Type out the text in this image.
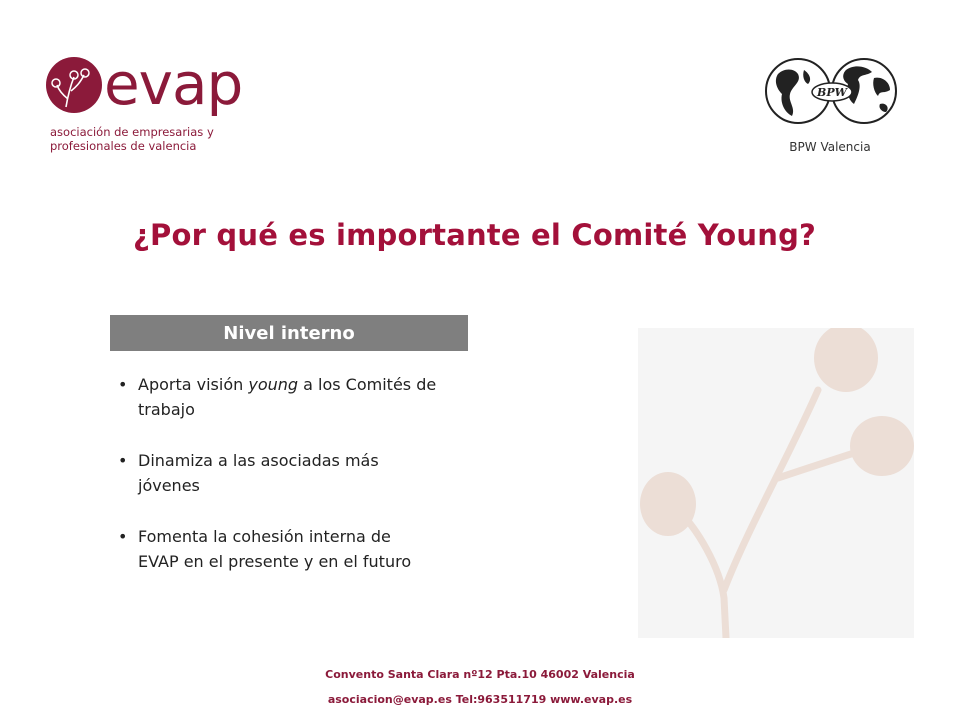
evap
asociación de empresarias y
profesionales de valencia
BPW
BPW Valencia
¿Por qué es importante el Comité Young?
Nivel interno
• Aporta visión young a los Comités de
trabajo
• Dinamiza a las asociadas más
jóvenes
• Fomenta la cohesión interna de
EVAP en el presente y en el futuro
Convento Santa Clara nº12 Pta.10 46002 Valencia
asociacion@evap.es Tel:963511719 www.evap.es
